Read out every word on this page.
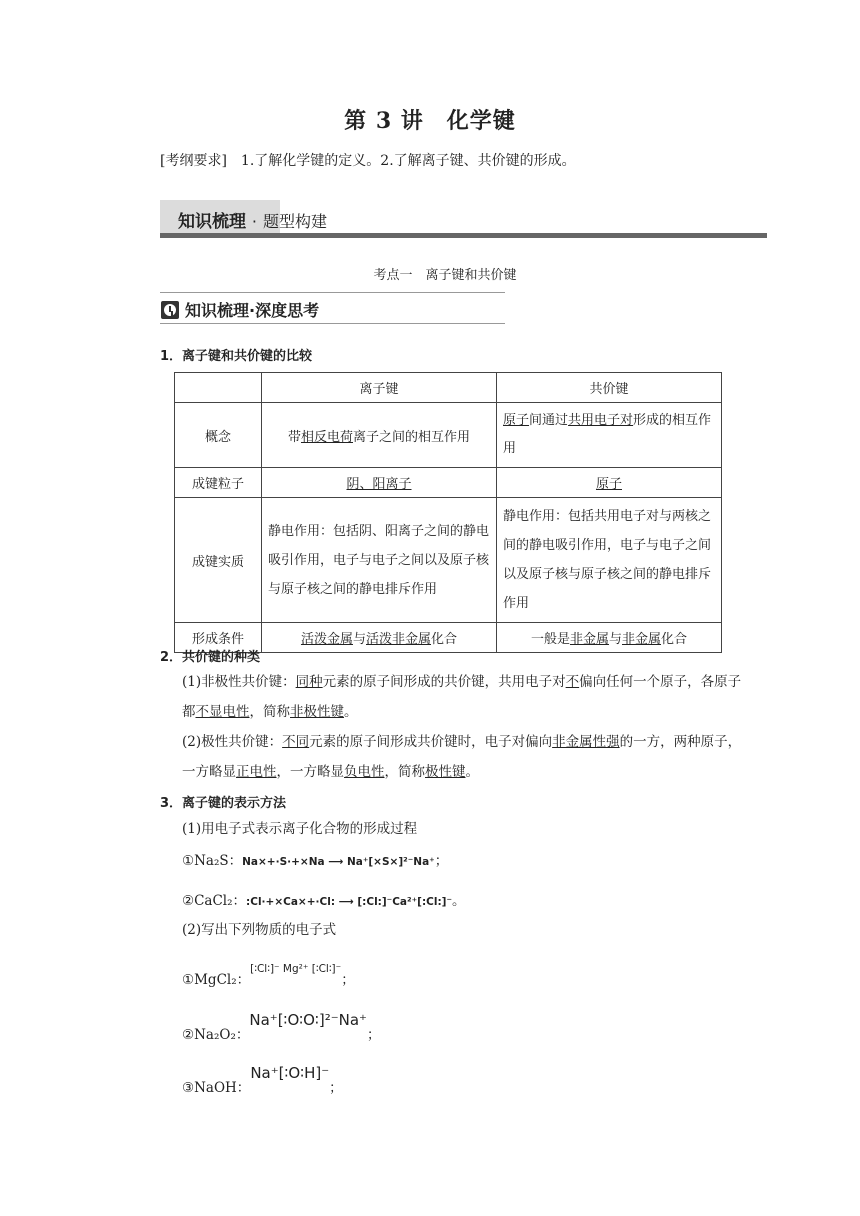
第 3 讲　化学键
[考纲要求]　1.了解化学键的定义。2.了解离子键、共价键的形成。
知识梳理 · 题型构建
考点一　离子键和共价键
知识梳理·深度思考
1．离子键和共价键的比较
	离子键	共价键
概念	带相反电荷离子之间的相互作用	原子间通过共用电子对形成的相互作用
成键粒子	阴、阳离子	原子
成键实质	静电作用：包括阴、阳离子之间的静电吸引作用，电子与电子之间以及原子核与原子核之间的静电排斥作用	静电作用：包括共用电子对与两核之间的静电吸引作用，电子与电子之间以及原子核与原子核之间的静电排斥作用
形成条件	活泼金属与活泼非金属化合	一般是非金属与非金属化合
2．共价键的种类
(1)非极性共价键：同种元素的原子间形成的共价键，共用电子对不偏向任何一个原子，各原子都不显电性，简称非极性键。
(2)极性共价键：不同元素的原子间形成共价键时，电子对偏向非金属性强的一方，两种原子，一方略显正电性，一方略显负电性，简称极性键。
3．离子键的表示方法
(1)用电子式表示离子化合物的形成过程
①Na₂S：Na×+·S·+×Na ⟶ Na⁺[×S×]²⁻Na⁺；
②CaCl₂：:Cl·+×Ca×+·Cl: ⟶ [:Cl:]⁻Ca²⁺[:Cl:]⁻。
(2)写出下列物质的电子式
①MgCl₂：$^{[∶Cl∶]^- Mg^{2+} [∶Cl∶]^-}$；
②Na₂O₂：Na⁺[∶O∶O∶]²⁻Na⁺；
③NaOH：Na⁺[∶O∶H]⁻；
